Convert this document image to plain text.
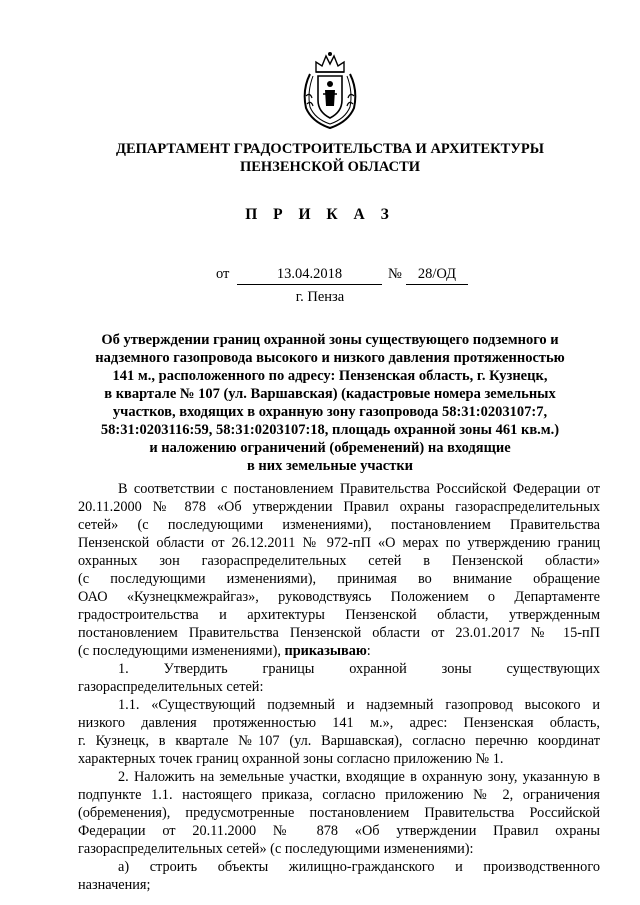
ДЕПАРТАМЕНТ ГРАДОСТРОИТЕЛЬСТВА И АРХИТЕКТУРЫ
ПЕНЗЕНСКОЙ ОБЛАСТИ
П Р И К А З
от	13.04.2018	№	28/ОД
г. Пенза
Об утверждении границ охранной зоны существующего подземного и
надземного газопровода высокого и низкого давления протяженностью
141 м., расположенного по адресу: Пензенская область, г. Кузнецк,
в квартале № 107 (ул. Варшавская) (кадастровые номера земельных
участков, входящих в охранную зону газопровода 58:31:0203107:7,
58:31:0203116:59, 58:31:0203107:18, площадь охранной зоны 461 кв.м.)
и наложению ограничений (обременений) на входящие
в них земельные участки
В соответствии с постановлением Правительства Российской Федерации от
20.11.2000 № 878 «Об утверждении Правил охраны газораспределительных
сетей» (с последующими изменениями), постановлением Правительства
Пензенской области от 26.12.2011 № 972-пП «О мерах по утверждению границ
охранных зон газораспределительных сетей в Пензенской области»
(с последующими изменениями), принимая во внимание обращение
ОАО «Кузнецкмежрайгаз», руководствуясь Положением о Департаменте
градостроительства и архитектуры Пензенской области, утвержденным
постановлением Правительства Пензенской области от 23.01.2017 № 15-пП
(с последующими изменениями), приказываю:
1. Утвердить границы охранной зоны существующих
газораспределительных сетей:
1.1. «Существующий подземный и надземный газопровод высокого и
низкого давления протяженностью 141 м.», адрес: Пензенская область,
г. Кузнецк, в квартале №107 (ул. Варшавская), согласно перечню координат
характерных точек границ охранной зоны согласно приложению № 1.
2. Наложить на земельные участки, входящие в охранную зону, указанную в
подпункте 1.1. настоящего приказа, согласно приложению № 2, ограничения
(обременения), предусмотренные постановлением Правительства Российской
Федерации от 20.11.2000 № 878 «Об утверждении Правил охраны
газораспределительных сетей» (с последующими изменениями):
а) строить объекты жилищно-гражданского и производственного
назначения;
